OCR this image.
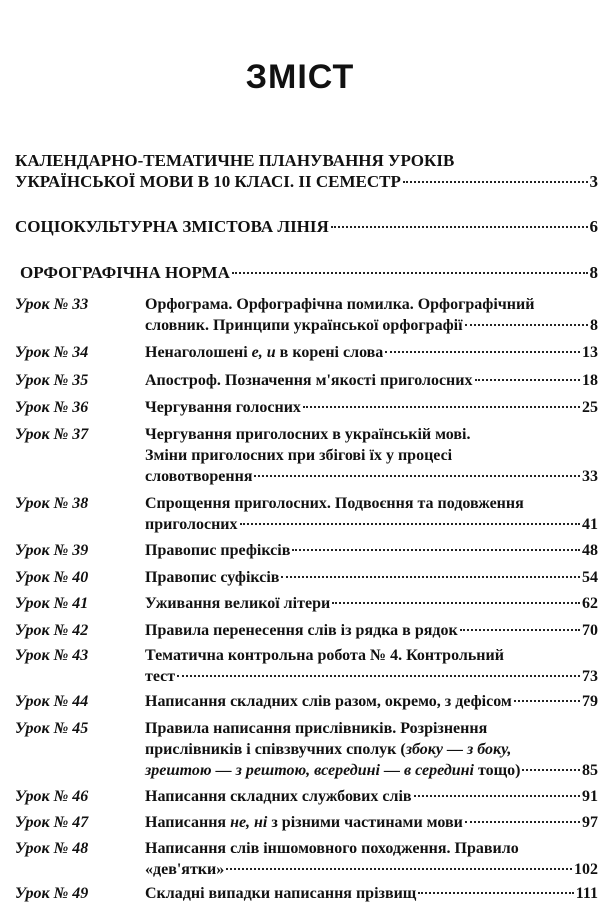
ЗМІСТ
КАЛЕНДАРНО-ТЕМАТИЧНЕ ПЛАНУВАННЯ УРОКІВ
УКРАЇНСЬКОЇ МОВИ В 10 КЛАСІ. ІІ СЕМЕСТР	3
СОЦІОКУЛЬТУРНА ЗМІСТОВА ЛІНІЯ	6
ОРФОГРАФІЧНА НОРМА	8
Урок № 33	Орфограма. Орфографічна помилка. Орфографічний
словник. Принципи української орфографії	8
Урок № 34	Ненаголошені е, и в корені слова	13
Урок № 35	Апостроф. Позначення м'якості приголосних	18
Урок № 36	Чергування голосних	25
Урок № 37	Чергування приголосних в українській мові.
Зміни приголосних при збігові їх у процесі
словотворення	33
Урок № 38	Спрощення приголосних. Подвоєння та подовження
приголосних	41
Урок № 39	Правопис префіксів	48
Урок № 40	Правопис суфіксів	54
Урок № 41	Уживання великої літери	62
Урок № 42	Правила перенесення слів із рядка в рядок	70
Урок № 43	Тематична контрольна робота № 4. Контрольний
тест	73
Урок № 44	Написання складних слів разом, окремо, з дефісом	79
Урок № 45	Правила написання прислівників. Розрізнення
прислівників і співзвучних сполук (збоку — з боку,
зрештою — з рештою, всередині — в середині тощо)	85
Урок № 46	Написання складних службових слів	91
Урок № 47	Написання не, ні з різними частинами мови	97
Урок № 48	Написання слів іншомовного походження. Правило
«дев'ятки»	102
Урок № 49	Складні випадки написання прізвищ	111
